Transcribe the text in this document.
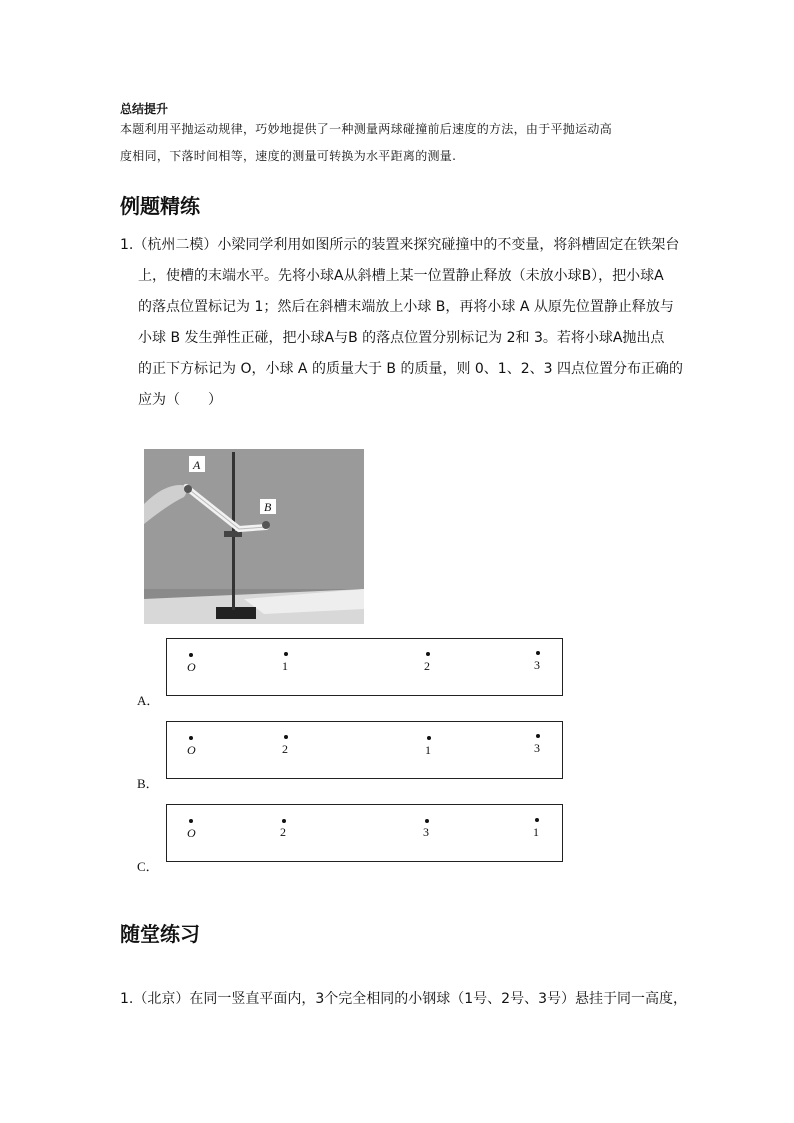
总结提升
本题利用平抛运动规律，巧妙地提供了一种测量两球碰撞前后速度的方法，由于平抛运动高
度相同，下落时间相等，速度的测量可转换为水平距离的测量.
例题精练
1.（杭州二模）小梁同学利用如图所示的装置来探究碰撞中的不变量，将斜槽固定在铁架台
上，使槽的末端水平。先将小球A从斜槽上某一位置静止释放（未放小球B），把小球A
的落点位置标记为 1；然后在斜槽末端放上小球 B，再将小球 A 从原先位置静止释放与
小球 B 发生弹性正碰，把小球A与B 的落点位置分别标记为 2和 3。若将小球A抛出点
的正下方标记为 O，小球 A 的质量大于 B 的质量，则 0、1、2、3 四点位置分布正确的
应为（　　）
A
B
O	1	2	3
A．
O	2	1	3
B．
O	2	3	1
C．
随堂练习
1.（北京）在同一竖直平面内，3个完全相同的小钢球（1号、2号、3号）悬挂于同一高度，
